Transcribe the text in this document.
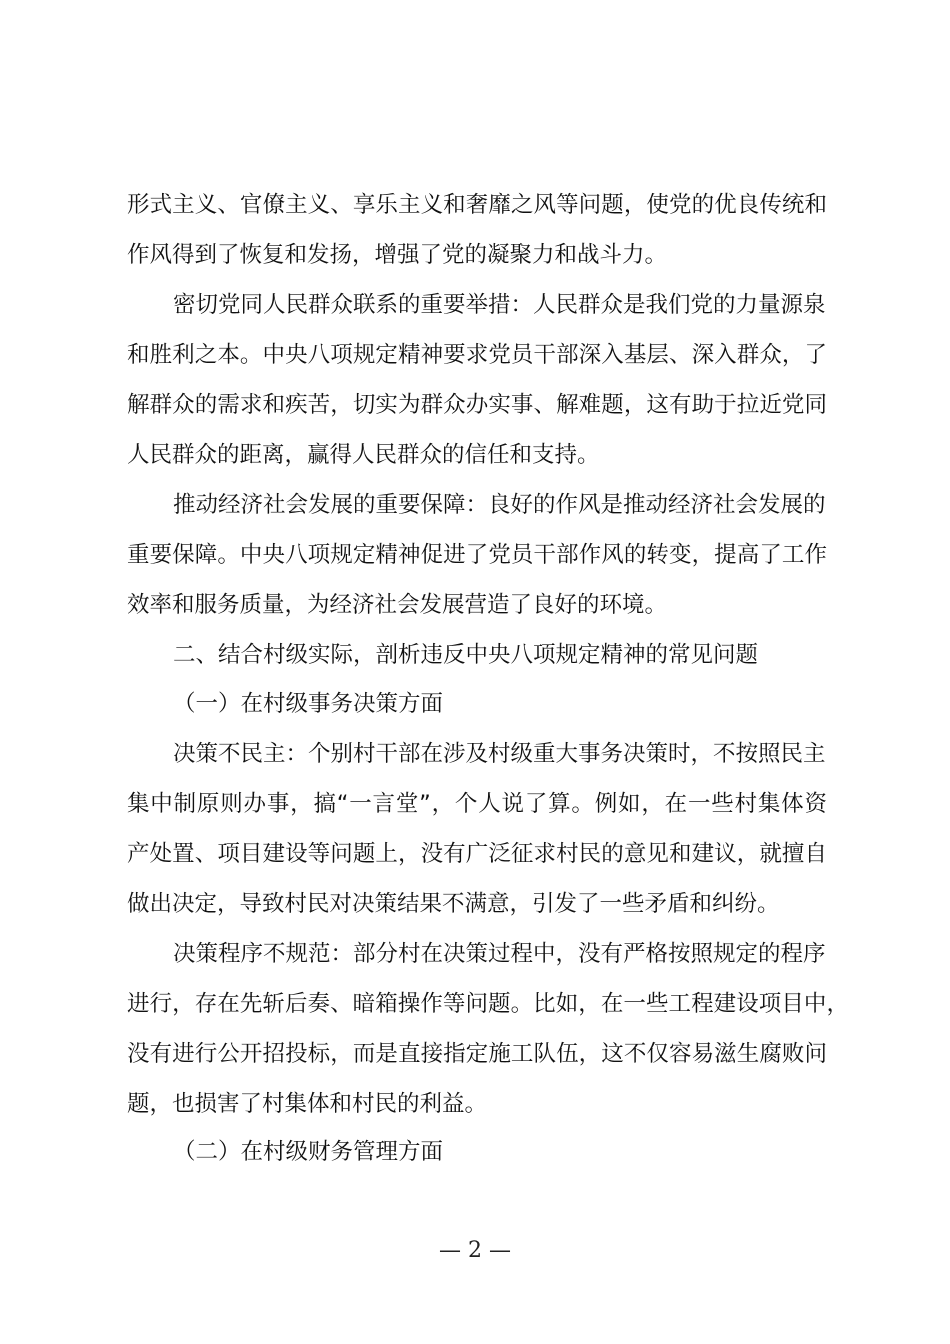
形式主义、官僚主义、享乐主义和奢靡之风等问题，使党的优良传统和
作风得到了恢复和发扬，增强了党的凝聚力和战斗力。
密切党同人民群众联系的重要举措：人民群众是我们党的力量源泉
和胜利之本。中央八项规定精神要求党员干部深入基层、深入群众，了
解群众的需求和疾苦，切实为群众办实事、解难题，这有助于拉近党同
人民群众的距离，赢得人民群众的信任和支持。
推动经济社会发展的重要保障：良好的作风是推动经济社会发展的
重要保障。中央八项规定精神促进了党员干部作风的转变，提高了工作
效率和服务质量，为经济社会发展营造了良好的环境。
二、结合村级实际，剖析违反中央八项规定精神的常见问题
（一）在村级事务决策方面
决策不民主：个别村干部在涉及村级重大事务决策时，不按照民主
集中制原则办事，搞“一言堂”，个人说了算。例如，在一些村集体资
产处置、项目建设等问题上，没有广泛征求村民的意见和建议，就擅自
做出决定，导致村民对决策结果不满意，引发了一些矛盾和纠纷。
决策程序不规范：部分村在决策过程中，没有严格按照规定的程序
进行，存在先斩后奏、暗箱操作等问题。比如，在一些工程建设项目中，
没有进行公开招投标，而是直接指定施工队伍，这不仅容易滋生腐败问
题，也损害了村集体和村民的利益。
（二）在村级财务管理方面
— 2 —
